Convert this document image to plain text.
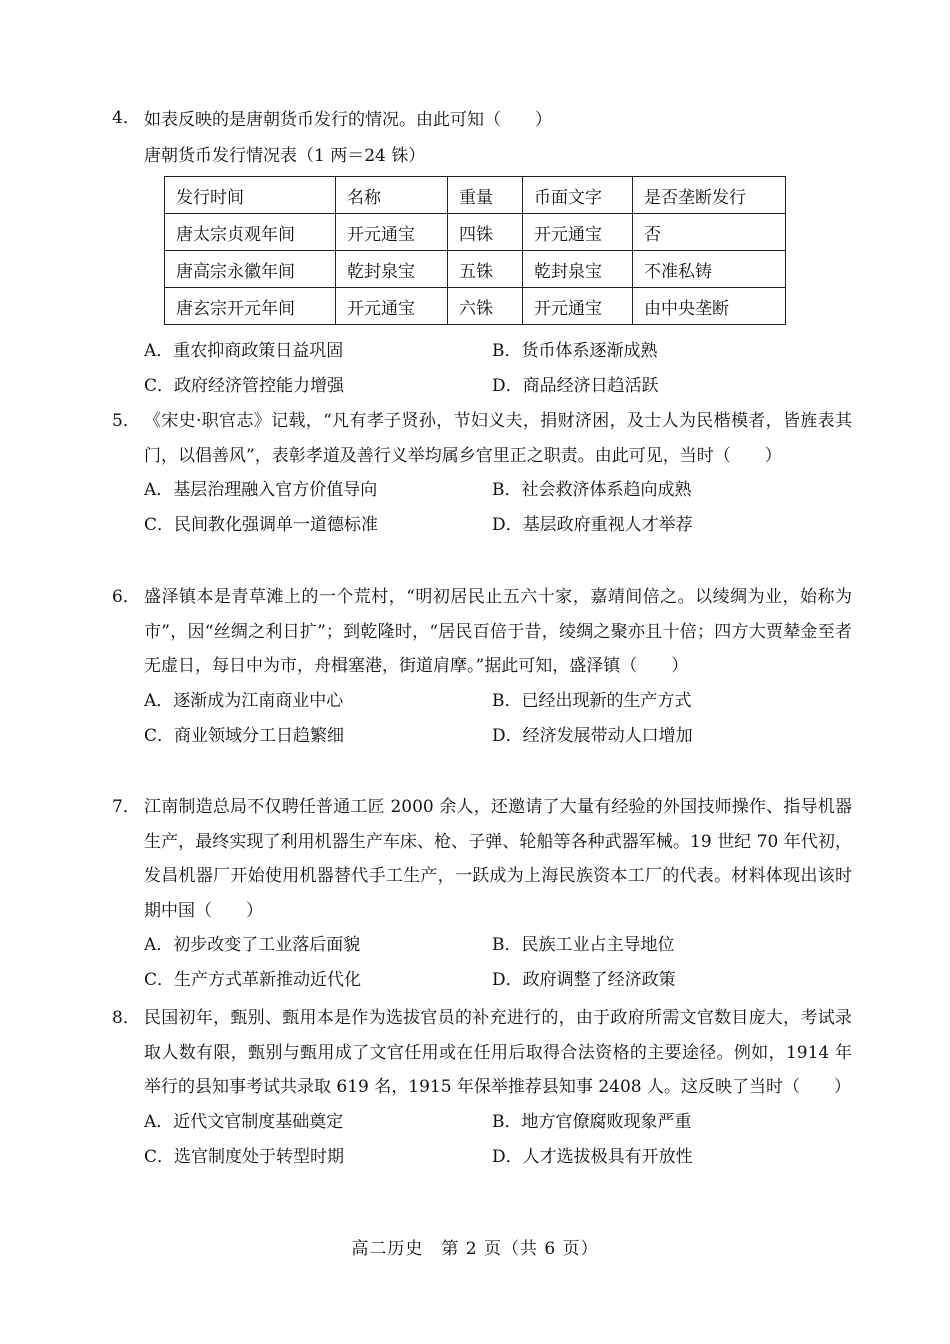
4． 如表反映的是唐朝货币发行的情况。由此可知（　　）
唐朝货币发行情况表（1 两＝24 铢）
发行时间	名称	重量	币面文字	是否垄断发行
唐太宗贞观年间	开元通宝	四铢	开元通宝	否
唐高宗永徽年间	乾封泉宝	五铢	乾封泉宝	不准私铸
唐玄宗开元年间	开元通宝	六铢	开元通宝	由中央垄断
A．重农抑商政策日益巩固	B．货币体系逐渐成熟
C．政府经济管控能力增强	D．商品经济日趋活跃
5． 《宋史·职官志》记载，“凡有孝子贤孙，节妇义夫，捐财济困，及士人为民楷模者，皆旌表其门，以倡善风”，表彰孝道及善行义举均属乡官里正之职责。由此可见，当时（　　）
A．基层治理融入官方价值导向	B．社会救济体系趋向成熟
C．民间教化强调单一道德标准	D．基层政府重视人才举荐
6． 盛泽镇本是青草滩上的一个荒村，“明初居民止五六十家，嘉靖间倍之。以绫绸为业，始称为市”，因“丝绸之利日扩”；到乾隆时，“居民百倍于昔，绫绸之聚亦且十倍；四方大贾辇金至者无虚日，每日中为市，舟楫塞港，街道肩摩。”据此可知，盛泽镇（　　）
A．逐渐成为江南商业中心	B．已经出现新的生产方式
C．商业领域分工日趋繁细	D．经济发展带动人口增加
7． 江南制造总局不仅聘任普通工匠 2000 余人，还邀请了大量有经验的外国技师操作、指导机器生产，最终实现了利用机器生产车床、枪、子弹、轮船等各种武器军械。19 世纪 70 年代初，发昌机器厂开始使用机器替代手工生产，一跃成为上海民族资本工厂的代表。材料体现出该时期中国（　　）
A．初步改变了工业落后面貌	B．民族工业占主导地位
C．生产方式革新推动近代化	D．政府调整了经济政策
8． 民国初年，甄别、甄用本是作为选拔官员的补充进行的，由于政府所需文官数目庞大，考试录取人数有限，甄别与甄用成了文官任用或在任用后取得合法资格的主要途径。例如，1914 年举行的县知事考试共录取 619 名，1915 年保举推荐县知事 2408 人。这反映了当时（　　）
A．近代文官制度基础奠定	B．地方官僚腐败现象严重
C．选官制度处于转型时期	D．人才选拔极具有开放性
高二历史　第 2 页（共 6 页）
